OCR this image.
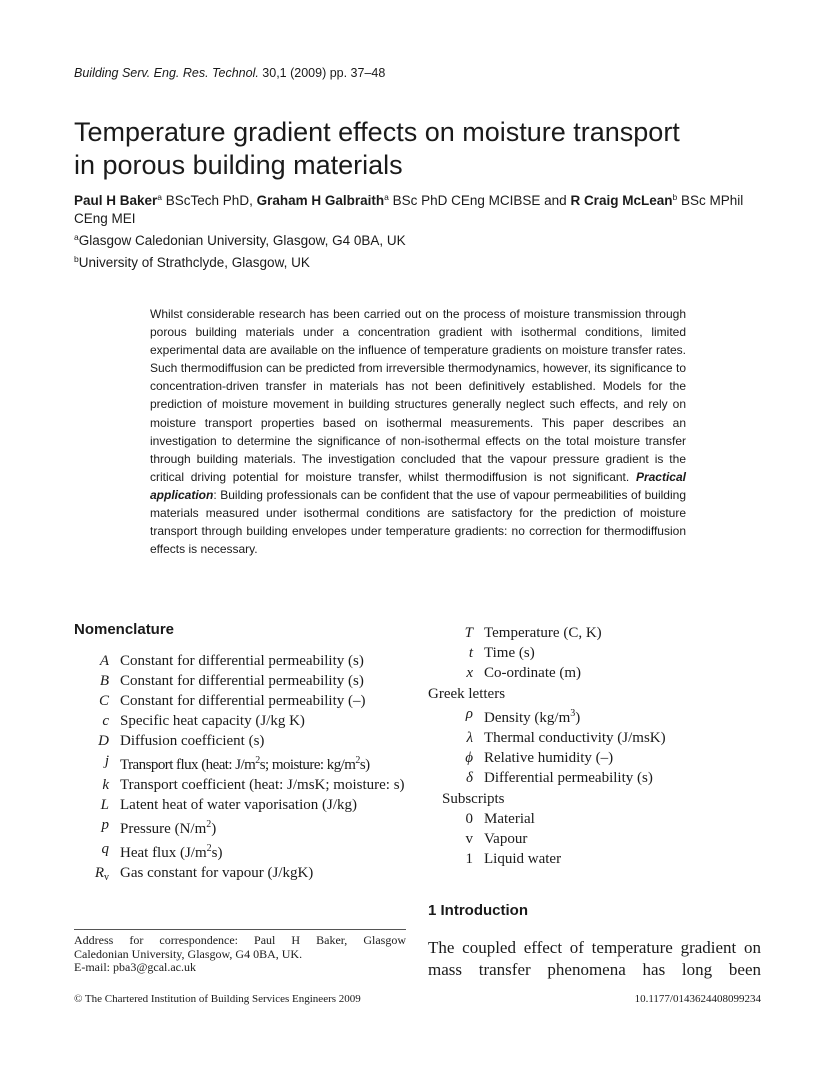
Building Serv. Eng. Res. Technol. 30,1 (2009) pp. 37–48
Temperature gradient effects on moisture transport
in porous building materials
Paul H Baker$^a$ BScTech PhD, Graham H Galbraith$^a$ BSc PhD CEng MCIBSE and R Craig McLean$^b$ BSc MPhil CEng MEI
$^a$Glasgow Caledonian University, Glasgow, G4 0BA, UK
$^b$University of Strathclyde, Glasgow, UK
Whilst considerable research has been carried out on the process of moisture transmission through porous building materials under a concentration gradient with isothermal conditions, limited experimental data are available on the influence of temperature gradients on moisture transfer rates. Such thermodiffusion can be predicted from irreversible thermodynamics, however, its significance to concentration-driven transfer in materials has not been definitively established. Models for the prediction of moisture movement in building structures generally neglect such effects, and rely on moisture transport properties based on isothermal measurements. This paper describes an investigation to determine the significance of non-isothermal effects on the total moisture transfer through building materials. The investigation concluded that the vapour pressure gradient is the critical driving potential for moisture transfer, whilst thermodiffusion is not significant. Practical application: Building professionals can be confident that the use of vapour permeabilities of building materials measured under isothermal conditions are satisfactory for the prediction of moisture transport through building envelopes under temperature gradients: no correction for thermodiffusion effects is necessary.
Nomenclature
A Constant for differential permeability (s)
B Constant for differential permeability (s)
C Constant for differential permeability (–)
c Specific heat capacity (J/kg K)
D Diffusion coefficient (s)
j Transport flux (heat: $J/m^2s$; moisture: $kg/m^2s$)
k Transport coefficient (heat: J/msK; moisture: s)
L Latent heat of water vaporisation (J/kg)
p Pressure $(N/m^2)$
q Heat flux $(J/m^2s)$
$R_v$ Gas constant for vapour (J/kgK)
T Temperature (C, K)
t Time (s)
x Co-ordinate (m)
Greek letters
ρ Density $(kg/m^3)$
λ Thermal conductivity (J/msK)
ϕ Relative humidity (–)
δ Differential permeability (s)
Subscripts
0 Material
v Vapour
1 Liquid water
1 Introduction
The coupled effect of temperature gradient on
mass transfer phenomena has long been
Address for correspondence: Paul H Baker, Glasgow
Caledonian University, Glasgow, G4 0BA, UK.
E-mail: pba3@gcal.ac.uk
© The Chartered Institution of Building Services Engineers 2009	10.1177/0143624408099234
